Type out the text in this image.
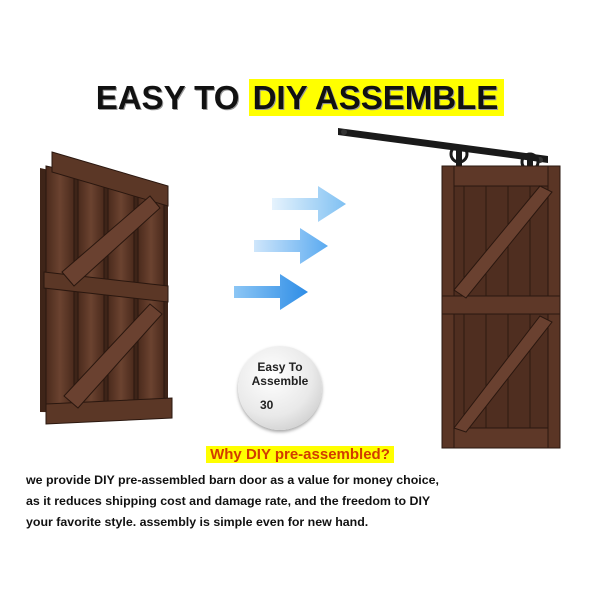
EASY TO DIY ASSEMBLE
Easy To
Assemble
30
Why DIY pre-assembled?
we provide DIY pre-assembled barn door as a value for money choice,
as it reduces shipping cost and damage rate, and the freedom to DIY
your favorite style. assembly is simple even for new hand.
